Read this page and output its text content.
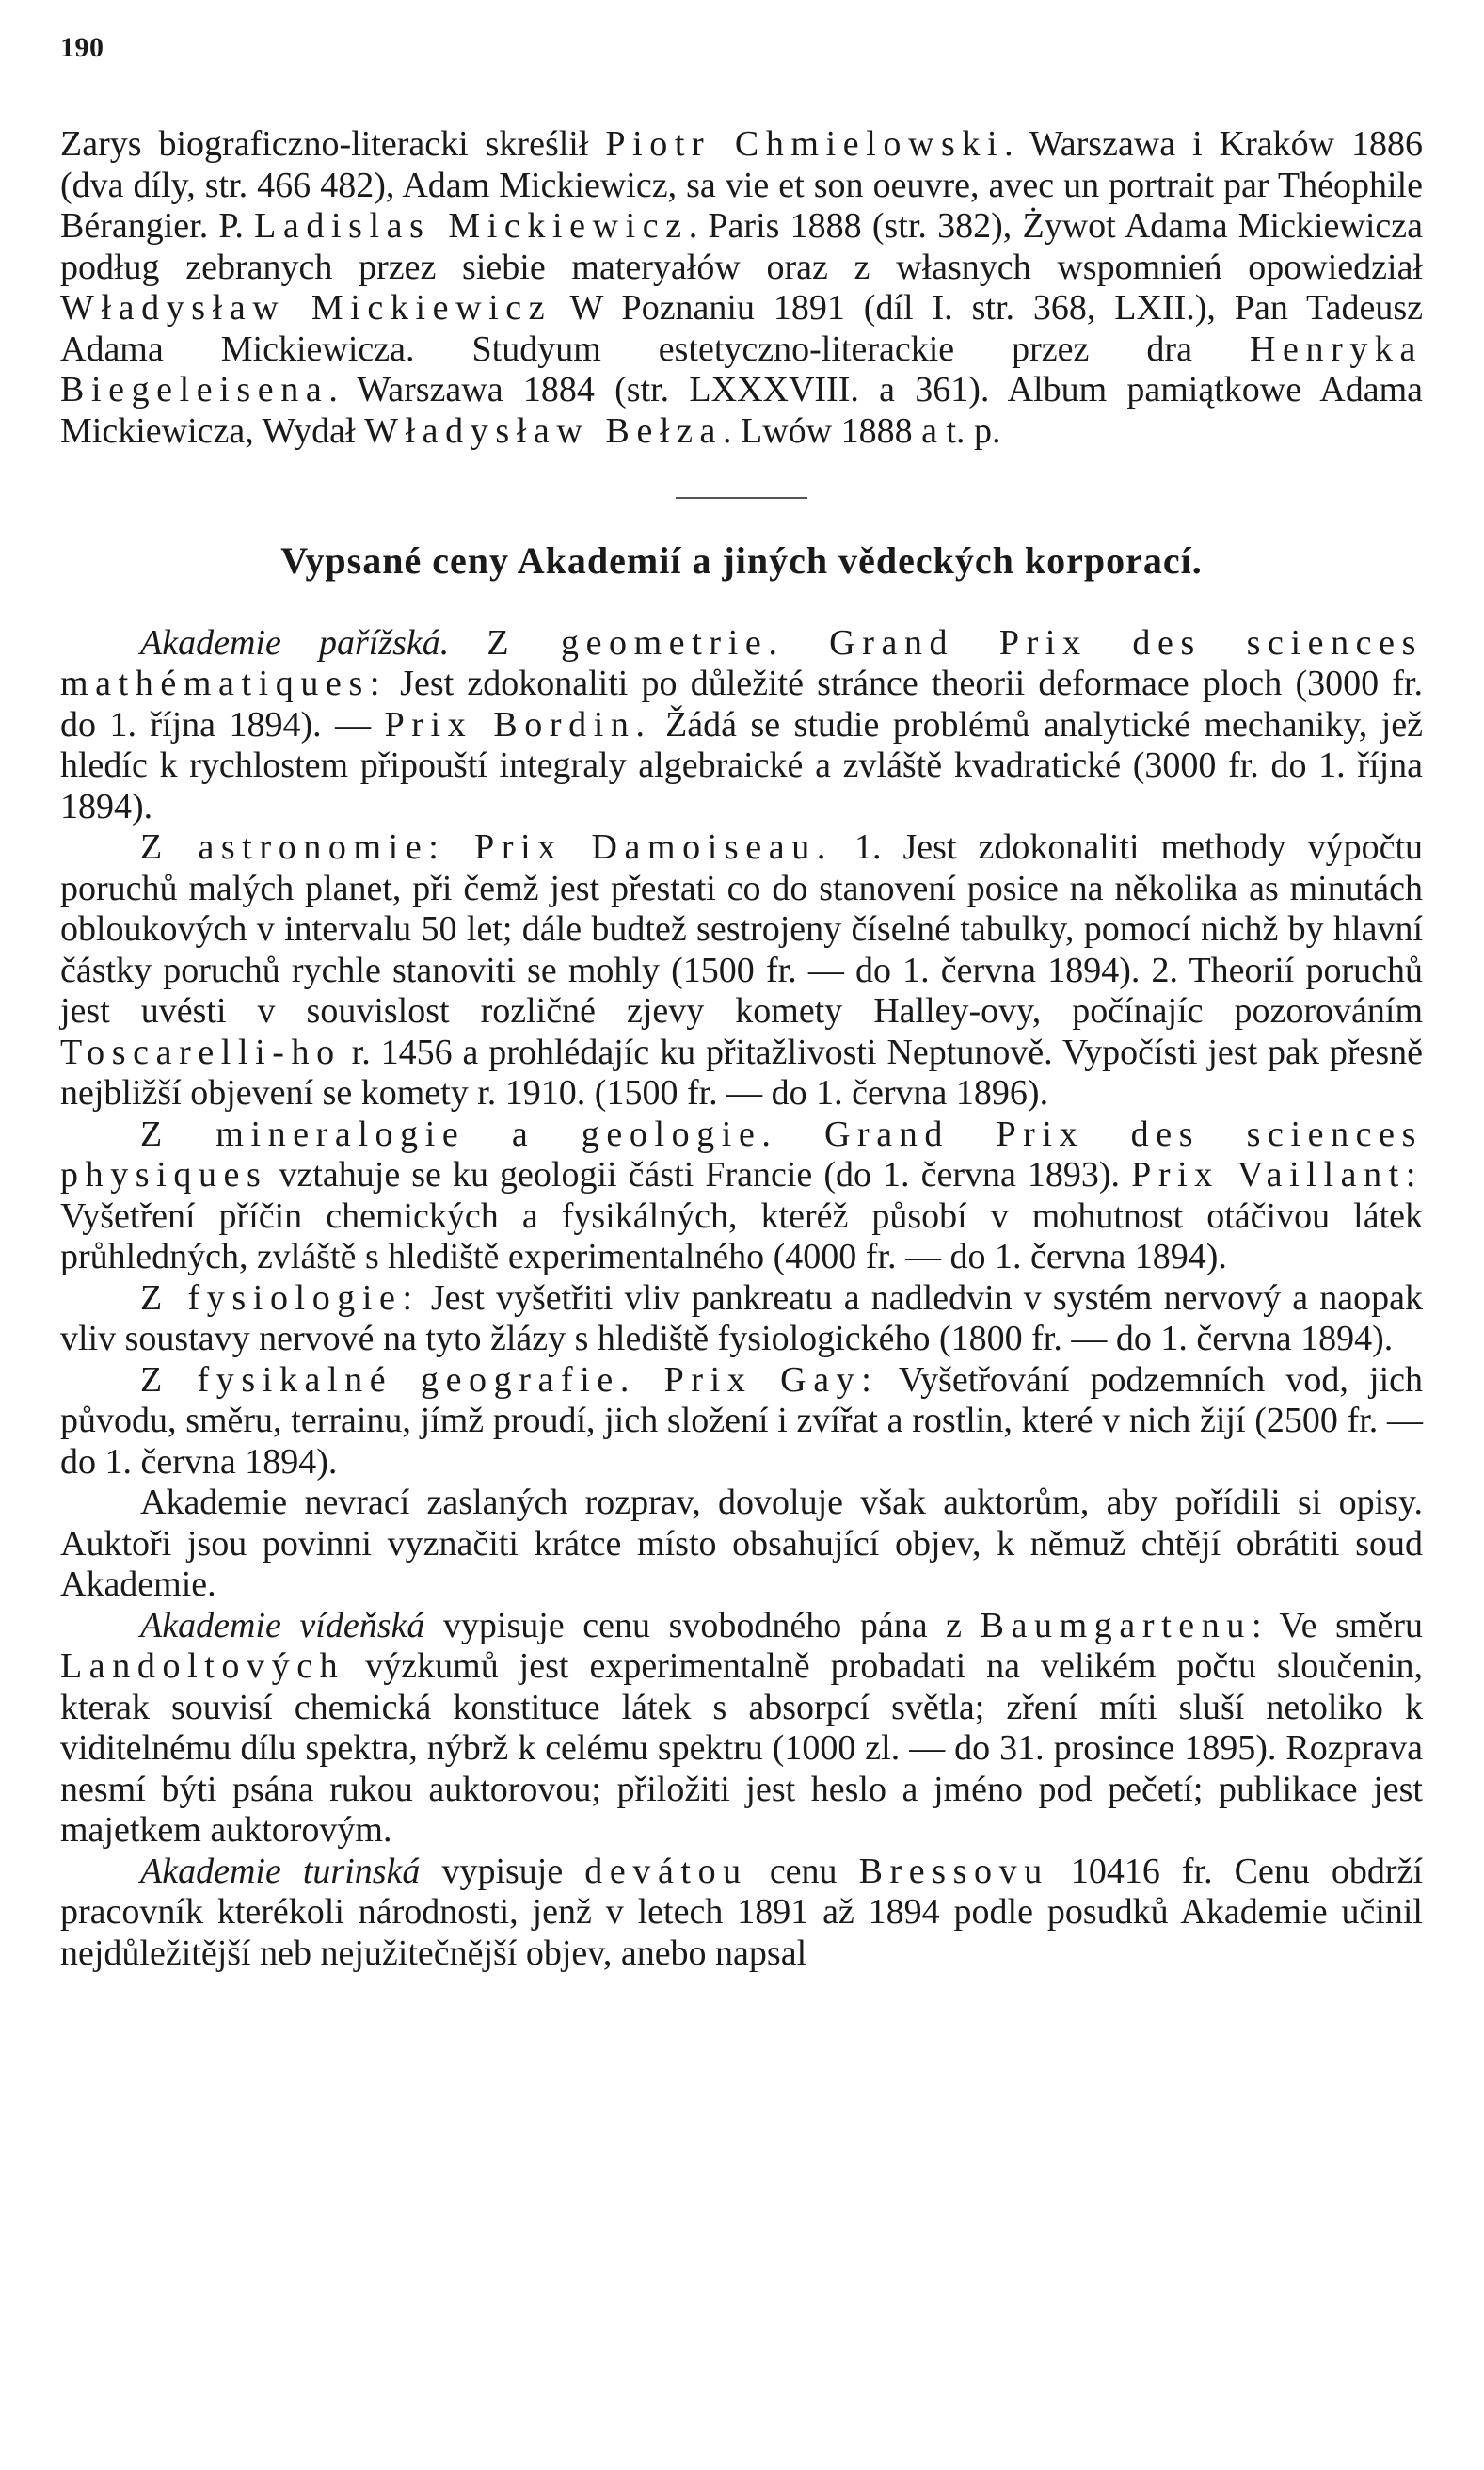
190

Zarys biograficzno-literacki skreślił Piotr Chmielowski. Warszawa i Kraków 1886 (dva díly, str. 466 482), Adam Mickiewicz, sa vie et son oeuvre, avec un portrait par Théophile Bérangier. P. Ladislas Mickiewicz. Paris 1888 (str. 382), Żywot Adama Mickiewicza podług zebranych przez siebie materyałów oraz z własnych wspomnień opowiedział Władysław Mickiewicz W Poznaniu 1891 (díl I. str. 368, LXII.), Pan Tadeusz Adama Mickiewicza. Studyum estetyczno-literackie przez dra Henryka Biegeleisena. Warszawa 1884 (str. LXXXVIII. a 361). Album pamiątkowe Adama Mickiewicza, Wydał Władysław Bełza. Lwów 1888 a t. p.

Vypsané ceny Akademií a jiných vědeckých korporací.

Akademie pařížská. Z geometrie. Grand Prix des sciences mathématiques: Jest zdokonaliti po důležité stránce theorii deformace ploch (3000 fr. do 1. října 1894). — Prix Bordin. Žádá se studie problémů analytické mechaniky, jež hledíc k rychlostem připouští integraly algebraické a zvláště kvadratické (3000 fr. do 1. října 1894).

Z astronomie: Prix Damoiseau. 1. Jest zdokonaliti methody výpočtu poruchů malých planet, při čemž jest přestati co do stanovení posice na několika as minutách obloukových v intervalu 50 let; dále budtež sestrojeny číselné tabulky, pomocí nichž by hlavní částky poruchů rychle stanoviti se mohly (1500 fr. — do 1. června 1894). 2. Theorií poruchů jest uvésti v souvislost rozličné zjevy komety Halley-ovy, počínajíc pozorováním Toscarelli-ho r. 1456 a prohlédajíc ku přitažlivosti Neptunově. Vypočísti jest pak přesně nejbližší objevení se komety r. 1910. (1500 fr. — do 1. června 1896).

Z mineralogie a geologie. Grand Prix des sciences physiques vztahuje se ku geologii části Francie (do 1. června 1893). Prix Vaillant: Vyšetření příčin chemických a fysikálných, kteréž působí v mohutnost otáčivou látek průhledných, zvláště s hlediště experimentalného (4000 fr. — do 1. června 1894).

Z fysiologie: Jest vyšetřiti vliv pankreatu a nadledvin v systém nervový a naopak vliv soustavy nervové na tyto žlázy s hlediště fysiologického (1800 fr. — do 1. června 1894).

Z fysikalné geografie. Prix Gay: Vyšetřování podzemních vod, jich původu, směru, terrainu, jímž proudí, jich složení i zvířat a rostlin, které v nich žijí (2500 fr. — do 1. června 1894).

Akademie nevrací zaslaných rozprav, dovoluje však auktorům, aby pořídili si opisy. Auktoři jsou povinni vyznačiti krátce místo obsahující objev, k němuž chtějí obrátiti soud Akademie.

Akademie vídeňská vypisuje cenu svobodného pána z Baumgartenu: Ve směru Landoltových výzkumů jest experimentalně probadati na velikém počtu sloučenin, kterak souvisí chemická konstituce látek s absorpcí světla; zření míti sluší netoliko k viditelnému dílu spektra, nýbrž k celému spektru (1000 zl. — do 31. prosince 1895). Rozprava nesmí býti psána rukou auktorovou; přiložiti jest heslo a jméno pod pečetí; publikace jest majetkem auktorovým.

Akademie turinská vypisuje devátou cenu Bressovu 10416 fr. Cenu obdrží pracovník kterékoli národnosti, jenž v letech 1891 až 1894 podle posudků Akademie učinil nejdůležitější neb nejužitečnější objev, anebo napsal
